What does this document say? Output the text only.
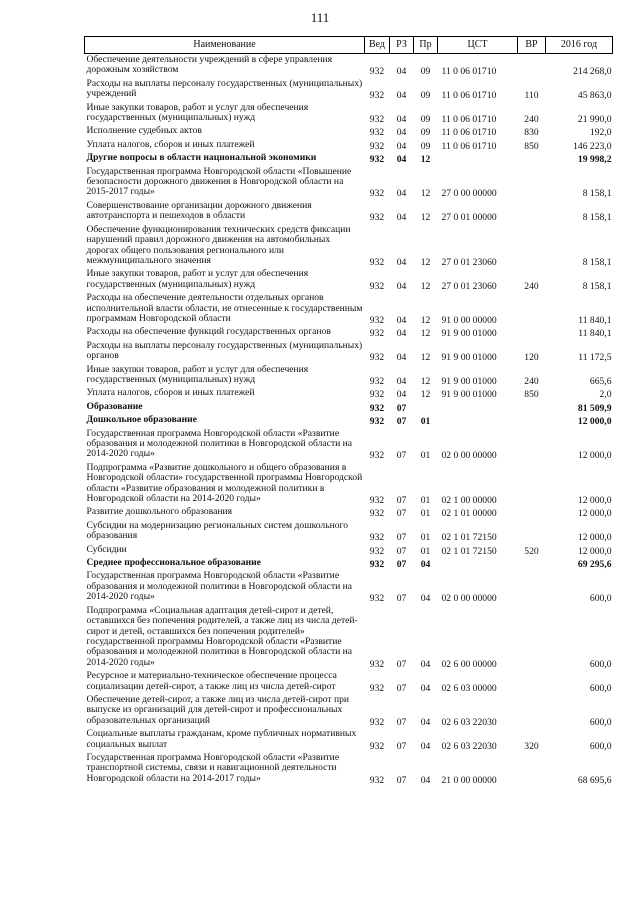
111
Наименование	Вед	РЗ	Пр	ЦСТ	ВР	2016 год
Обеспечение деятельности учреждений в сфере управления дорожным хозяйством	932	04	09	11 0 06 01710		214 268,0
Расходы на выплаты персоналу государственных (муниципальных) учреждений	932	04	09	11 0 06 01710	110	45 863,0
Иные закупки товаров, работ и услуг для обеспечения государственных (муниципальных) нужд	932	04	09	11 0 06 01710	240	21 990,0
Исполнение судебных актов	932	04	09	11 0 06 01710	830	192,0
Уплата налогов, сборов и иных платежей	932	04	09	11 0 06 01710	850	146 223,0
Другие вопросы в области национальной экономики	932	04	12			19 998,2
Государственная программа Новгородской области «Повышение безопасности дорожного движения в Новгородской области на 2015-2017 годы»	932	04	12	27 0 00 00000		8 158,1
Совершенствование организации дорожного движения автотранспорта и пешеходов в области	932	04	12	27 0 01 00000		8 158,1
Обеспечение функционирования технических средств фиксации нарушений правил дорожного движения на автомобильных дорогах общего пользования регионального или межмуниципального значения	932	04	12	27 0 01 23060		8 158,1
Иные закупки товаров, работ и услуг для обеспечения государственных (муниципальных) нужд	932	04	12	27 0 01 23060	240	8 158,1
Расходы на обеспечение деятельности отдельных органов исполнительной власти области, не отнесенные к государственным программам Новгородской области	932	04	12	91 0 00 00000		11 840,1
Расходы на обеспечение функций государственных органов	932	04	12	91 9 00 01000		11 840,1
Расходы на выплаты персоналу государственных (муниципальных) органов	932	04	12	91 9 00 01000	120	11 172,5
Иные закупки товаров, работ и услуг для обеспечения государственных (муниципальных) нужд	932	04	12	91 9 00 01000	240	665,6
Уплата налогов, сборов и иных платежей	932	04	12	91 9 00 01000	850	2,0
Образование	932	07				81 509,9
Дошкольное образование	932	07	01			12 000,0
Государственная программа Новгородской области «Развитие образования и молодежной политики в Новгородской области на 2014-2020 годы»	932	07	01	02 0 00 00000		12 000,0
Подпрограмма «Развитие дошкольного и общего образования в Новгородской области» государственной программы Новгородской области «Развитие образования и молодежной политики в Новгородской области на 2014-2020 годы»	932	07	01	02 1 00 00000		12 000,0
Развитие дошкольного образования	932	07	01	02 1 01 00000		12 000,0
Субсидии на модернизацию региональных систем дошкольного образования	932	07	01	02 1 01 72150		12 000,0
Субсидии	932	07	01	02 1 01 72150	520	12 000,0
Среднее профессиональное образование	932	07	04			69 295,6
Государственная программа Новгородской области «Развитие образования и молодежной политики в Новгородской области на 2014-2020 годы»	932	07	04	02 0 00 00000		600,0
Подпрограмма «Социальная адаптация детей-сирот и детей, оставшихся без попечения родителей, а также лиц из числа детей-сирот и детей, оставшихся без попечения родителей» государственной программы Новгородской области «Развитие образования и молодежной политики в Новгородской области на 2014-2020 годы»	932	07	04	02 6 00 00000		600,0
Ресурсное и материально-техническое обеспечение процесса социализации детей-сирот, а также лиц из числа детей-сирот	932	07	04	02 6 03 00000		600,0
Обеспечение детей-сирот, а также лиц из числа детей-сирот при выпуске из организаций для детей-сирот и профессиональных образовательных организаций	932	07	04	02 6 03 22030		600,0
Социальные выплаты гражданам, кроме публичных нормативных социальных выплат	932	07	04	02 6 03 22030	320	600,0
Государственная программа Новгородской области «Развитие транспортной системы, связи и навигационной деятельности Новгородской области на 2014-2017 годы»	932	07	04	21 0 00 00000		68 695,6
